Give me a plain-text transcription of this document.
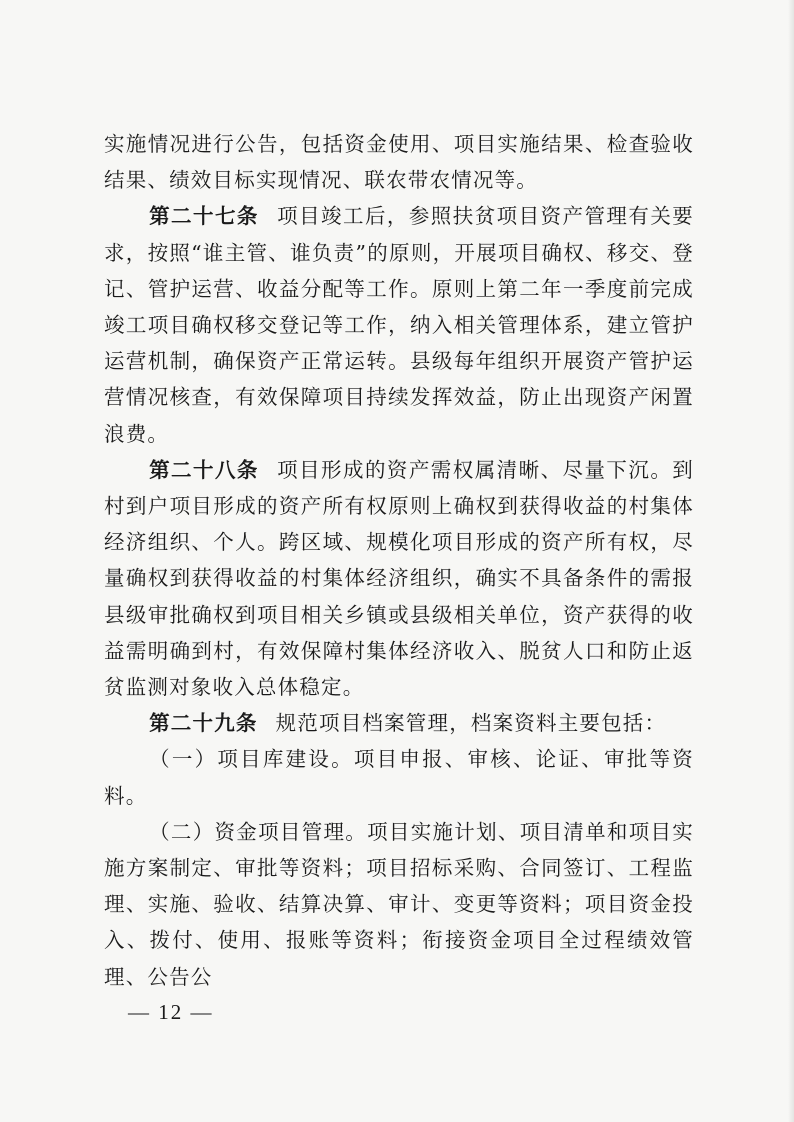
实施情况进行公告，包括资金使用、项目实施结果、检查验收结果、绩效目标实现情况、联农带农情况等。

第二十七条 项目竣工后，参照扶贫项目资产管理有关要求，按照“谁主管、谁负责”的原则，开展项目确权、移交、登记、管护运营、收益分配等工作。原则上第二年一季度前完成竣工项目确权移交登记等工作，纳入相关管理体系，建立管护运营机制，确保资产正常运转。县级每年组织开展资产管护运营情况核查，有效保障项目持续发挥效益，防止出现资产闲置浪费。

第二十八条 项目形成的资产需权属清晰、尽量下沉。到村到户项目形成的资产所有权原则上确权到获得收益的村集体经济组织、个人。跨区域、规模化项目形成的资产所有权，尽量确权到获得收益的村集体经济组织，确实不具备条件的需报县级审批确权到项目相关乡镇或县级相关单位，资产获得的收益需明确到村，有效保障村集体经济收入、脱贫人口和防止返贫监测对象收入总体稳定。

第二十九条 规范项目档案管理，档案资料主要包括：

（一）项目库建设。项目申报、审核、论证、审批等资料。

（二）资金项目管理。项目实施计划、项目清单和项目实施方案制定、审批等资料；项目招标采购、合同签订、工程监理、实施、验收、结算决算、审计、变更等资料；项目资金投入、拨付、使用、报账等资料；衔接资金项目全过程绩效管理、公告公

— 12 —
